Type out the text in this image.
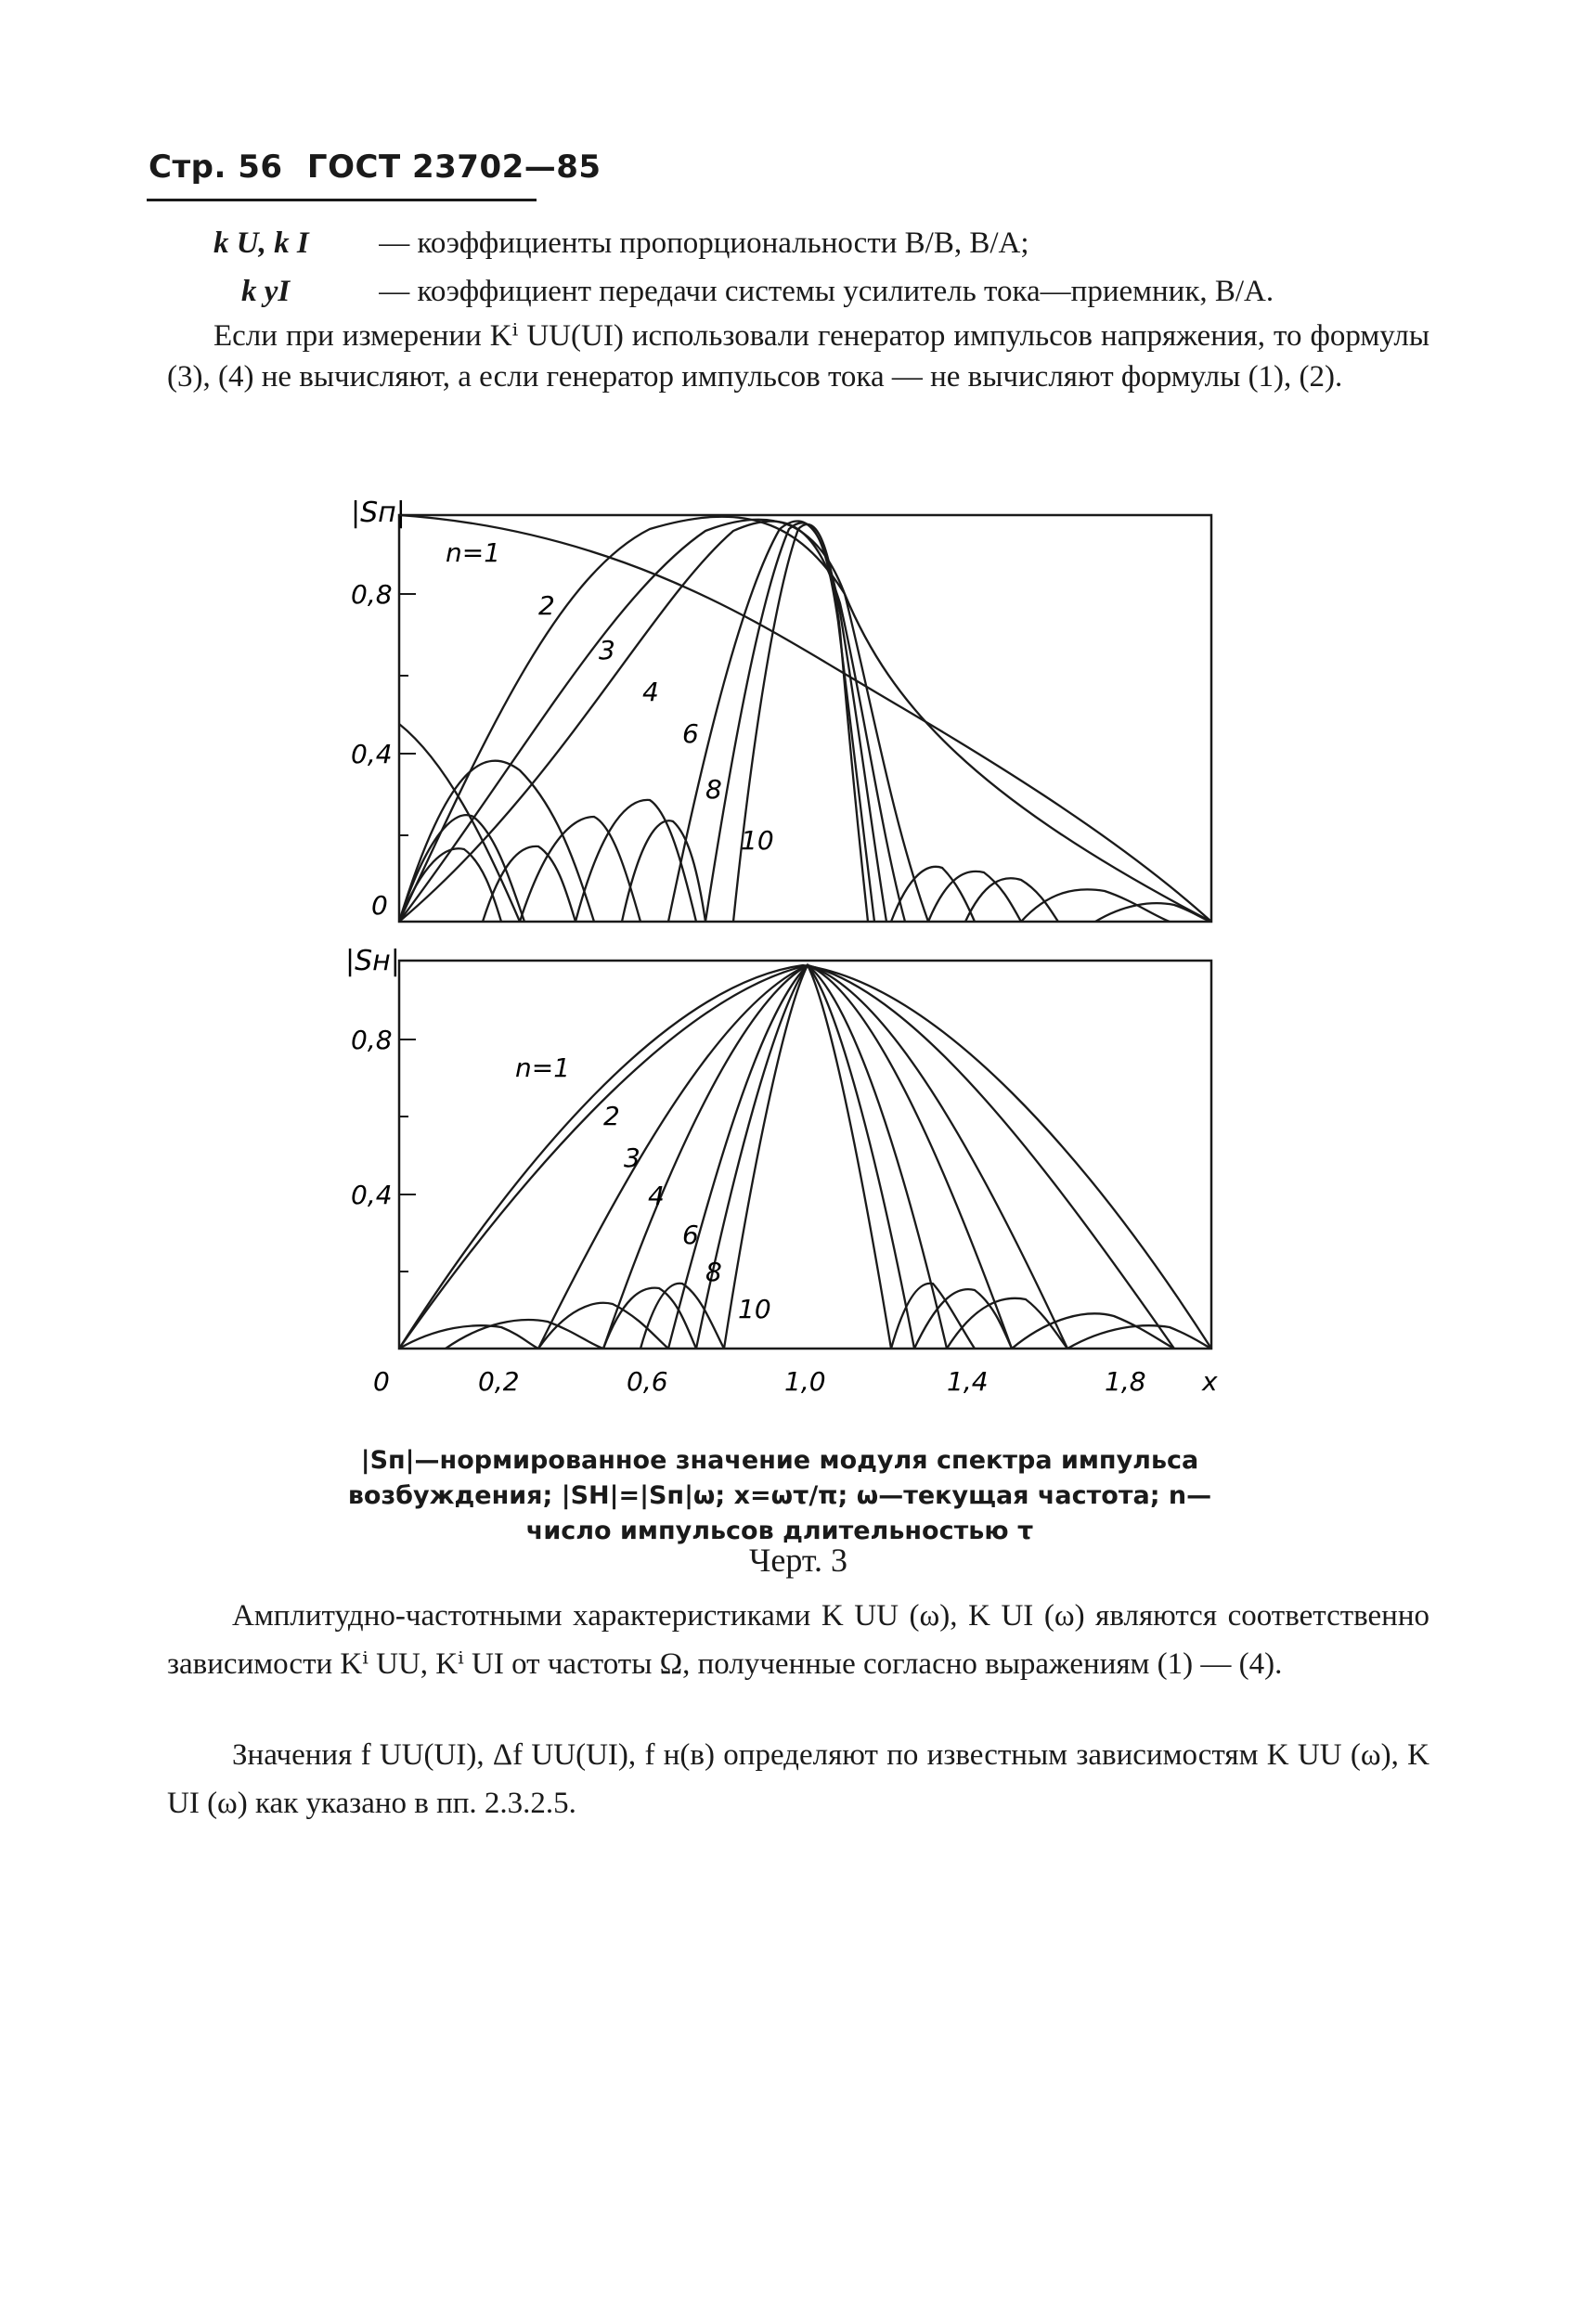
Стр. 56 ГОСТ 23702—85
k U, k I — коэффициенты пропорциональности В/В, В/А;
k yI	— коэффициент передачи системы усилитель тока—приемник, В/А.
Если при измерении Kⁱ UU(UI) использовали генератор импульсов напряжения, то формулы (3), (4) не вычисляют, а если генератор импульсов тока — не вычисляют формулы (1), (2).
|Sп|
0,8
0,4
0
|Sн|
0,8
0,4
0	0,2	0,6	1,0	1,4	1,8 x
n=1
2
3
4
6
8
10
n=1
2
3
4
6
8
10
|Sп|—нормированное значение модуля спектра импульса возбуждения; |SН|=|Sп|ω; x=ωτ/π; ω—текущая частота; n— число импульсов длительностью τ
Черт. 3
Амплитудно-частотными характеристиками K UU (ω), K UI (ω) являются соответственно зависимости Kⁱ UU, Kⁱ UI от частоты Ω, полученные согласно выражениям (1) — (4).
Значения f UU(UI), Δf UU(UI), f н(в) определяют по известным зависимостям K UU (ω), K UI (ω) как указано в пп. 2.3.2.5.
